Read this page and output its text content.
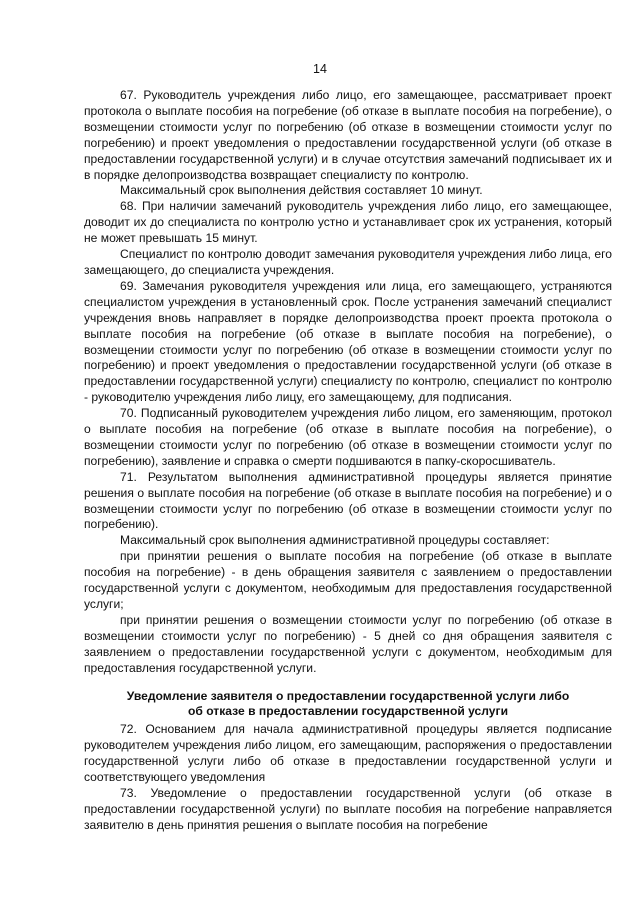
14

67. Руководитель учреждения либо лицо, его замещающее, рассматривает проект протокола о выплате пособия на погребение (об отказе в выплате пособия на погребение), о возмещении стоимости услуг по погребению (об отказе в возмещении стоимости услуг по погребению) и проект уведомления о предоставлении государственной услуги (об отказе в предоставлении государственной услуги) и в случае отсутствия замечаний подписывает их и в порядке делопроизводства возвращает специалисту по контролю.

Максимальный срок выполнения действия составляет 10 минут.

68. При наличии замечаний руководитель учреждения либо лицо, его замещающее, доводит их до специалиста по контролю устно и устанавливает срок их устранения, который не может превышать 15 минут.

Специалист по контролю доводит замечания руководителя учреждения либо лица, его замещающего, до специалиста учреждения.

69. Замечания руководителя учреждения или лица, его замещающего, устраняются специалистом учреждения в установленный срок. После устранения замечаний специалист учреждения вновь направляет в порядке делопроизводства проект проекта протокола о выплате пособия на погребение (об отказе в выплате пособия на погребение), о возмещении стоимости услуг по погребению (об отказе в возмещении стоимости услуг по погребению) и проект уведомления о предоставлении государственной услуги (об отказе в предоставлении государственной услуги) специалисту по контролю, специалист по контролю - руководителю учреждения либо лицу, его замещающему, для подписания.

70. Подписанный руководителем учреждения либо лицом, его заменяющим, протокол о выплате пособия на погребение (об отказе в выплате пособия на погребение), о возмещении стоимости услуг по погребению (об отказе в возмещении стоимости услуг по погребению), заявление и справка о смерти подшиваются в папку-скоросшиватель.

71. Результатом выполнения административной процедуры является принятие решения о выплате пособия на погребение (об отказе в выплате пособия на погребение) и о возмещении стоимости услуг по погребению (об отказе в возмещении стоимости услуг по погребению).

Максимальный срок выполнения административной процедуры составляет:

при принятии решения о выплате пособия на погребение (об отказе в выплате пособия на погребение) - в день обращения заявителя с заявлением о предоставлении государственной услуги с документом, необходимым для предоставления государственной услуги;

при принятии решения о возмещении стоимости услуг по погребению (об отказе в возмещении стоимости услуг по погребению) - 5 дней со дня обращения заявителя с заявлением о предоставлении государственной услуги с документом, необходимым для предоставления государственной услуги.

Уведомление заявителя о предоставлении государственной услуги либо
об отказе в предоставлении государственной услуги

72. Основанием для начала административной процедуры является подписание руководителем учреждения либо лицом, его замещающим, распоряжения о предоставлении государственной услуги либо об отказе в предоставлении государственной услуги и соответствующего уведомления

73. Уведомление о предоставлении государственной услуги (об отказе в предоставлении государственной услуги) по выплате пособия на погребение направляется заявителю в день принятия решения о выплате пособия на погребение
